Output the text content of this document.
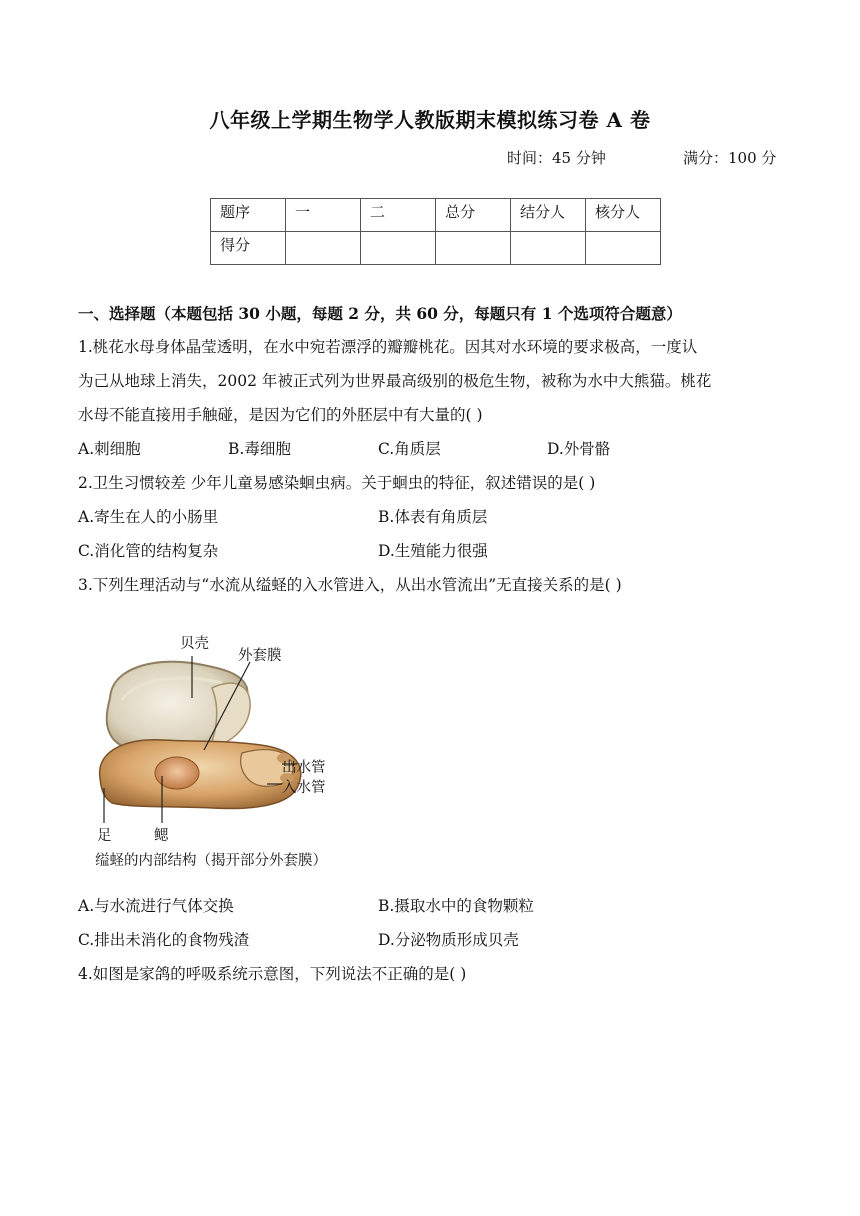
八年级上学期生物学人教版期末模拟练习卷 A 卷
时间：45 分钟	满分：100 分
题序	一	二	总分	结分人	核分人
得分					
一、选择题（本题包括 30 小题，每题 2 分，共 60 分，每题只有 1 个选项符合题意）
1.桃花水母身体晶莹透明，在水中宛若漂浮的瓣瓣桃花。因其对水环境的要求极高，一度认
为己从地球上消失，2002 年被正式列为世界最高级别的极危生物，被称为水中大熊猫。桃花
水母不能直接用手触碰，是因为它们的外胚层中有大量的( )
A.刺细胞	B.毒细胞	C.角质层	D.外骨骼
2.卫生习惯较差 少年儿童易感染蛔虫病。关于蛔虫的特征，叙述错误的是( )
A.寄生在人的小肠里	B.体表有角质层
C.消化管的结构复杂	D.生殖能力很强
3.下列生理活动与“水流从缢蛏的入水管进入，从出水管流出”无直接关系的是( )
贝壳
外套膜
出水管
入水管
足	鳃
缢蛏的内部结构（揭开部分外套膜）
A.与水流进行气体交换	B.摄取水中的食物颗粒
C.排出未消化的食物残渣	D.分泌物质形成贝壳
4.如图是家鸽的呼吸系统示意图，下列说法不正确的是( )
